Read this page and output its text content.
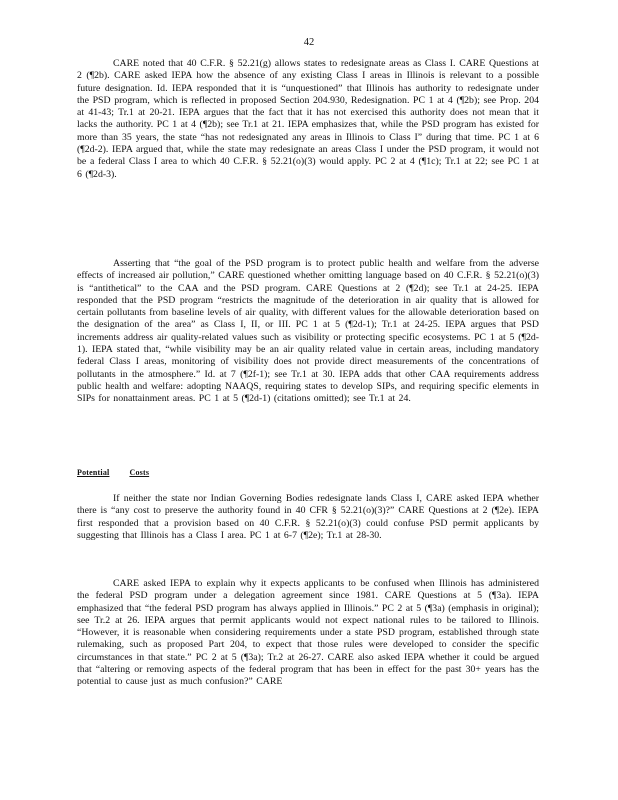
42

CARE noted that 40 C.F.R. § 52.21(g) allows states to redesignate areas as Class I. CARE Questions at 2 (¶2b). CARE asked IEPA how the absence of any existing Class I areas in Illinois is relevant to a possible future designation. Id. IEPA responded that it is “unquestioned” that Illinois has authority to redesignate under the PSD program, which is reflected in proposed Section 204.930, Redesignation. PC 1 at 4 (¶2b); see Prop. 204 at 41-43; Tr.1 at 20-21. IEPA argues that the fact that it has not exercised this authority does not mean that it lacks the authority. PC 1 at 4 (¶2b); see Tr.1 at 21. IEPA emphasizes that, while the PSD program has existed for more than 35 years, the state “has not redesignated any areas in Illinois to Class I” during that time. PC 1 at 6 (¶2d-2). IEPA argued that, while the state may redesignate an areas Class I under the PSD program, it would not be a federal Class I area to which 40 C.F.R. § 52.21(o)(3) would apply. PC 2 at 4 (¶1c); Tr.1 at 22; see PC 1 at 6 (¶2d-3).

Asserting that “the goal of the PSD program is to protect public health and welfare from the adverse effects of increased air pollution,” CARE questioned whether omitting language based on 40 C.F.R. § 52.21(o)(3) is “antithetical” to the CAA and the PSD program. CARE Questions at 2 (¶2d); see Tr.1 at 24-25. IEPA responded that the PSD program “restricts the magnitude of the deterioration in air quality that is allowed for certain pollutants from baseline levels of air quality, with different values for the allowable deterioration based on the designation of the area” as Class I, II, or III. PC 1 at 5 (¶2d-1); Tr.1 at 24-25. IEPA argues that PSD increments address air quality-related values such as visibility or protecting specific ecosystems. PC 1 at 5 (¶2d-1). IEPA stated that, “while visibility may be an air quality related value in certain areas, including mandatory federal Class I areas, monitoring of visibility does not provide direct measurements of the concentrations of pollutants in the atmosphere.” Id. at 7 (¶2f-1); see Tr.1 at 30. IEPA adds that other CAA requirements address public health and welfare: adopting NAAQS, requiring states to develop SIPs, and requiring specific elements in SIPs for nonattainment areas. PC 1 at 5 (¶2d-1) (citations omitted); see Tr.1 at 24.

Potential	Costs

If neither the state nor Indian Governing Bodies redesignate lands Class I, CARE asked IEPA whether there is “any cost to preserve the authority found in 40 CFR § 52.21(o)(3)?” CARE Questions at 2 (¶2e). IEPA first responded that a provision based on 40 C.F.R. § 52.21(o)(3) could confuse PSD permit applicants by suggesting that Illinois has a Class I area. PC 1 at 6-7 (¶2e); Tr.1 at 28-30.

CARE asked IEPA to explain why it expects applicants to be confused when Illinois has administered the federal PSD program under a delegation agreement since 1981. CARE Questions at 5 (¶3a). IEPA emphasized that “the federal PSD program has always applied in Illinois.” PC 2 at 5 (¶3a) (emphasis in original); see Tr.2 at 26. IEPA argues that permit applicants would not expect national rules to be tailored to Illinois. “However, it is reasonable when considering requirements under a state PSD program, established through state rulemaking, such as proposed Part 204, to expect that those rules were developed to consider the specific circumstances in that state.” PC 2 at 5 (¶3a); Tr.2 at 26-27. CARE also asked IEPA whether it could be argued that “altering or removing aspects of the federal program that has been in effect for the past 30+ years has the potential to cause just as much confusion?” CARE
